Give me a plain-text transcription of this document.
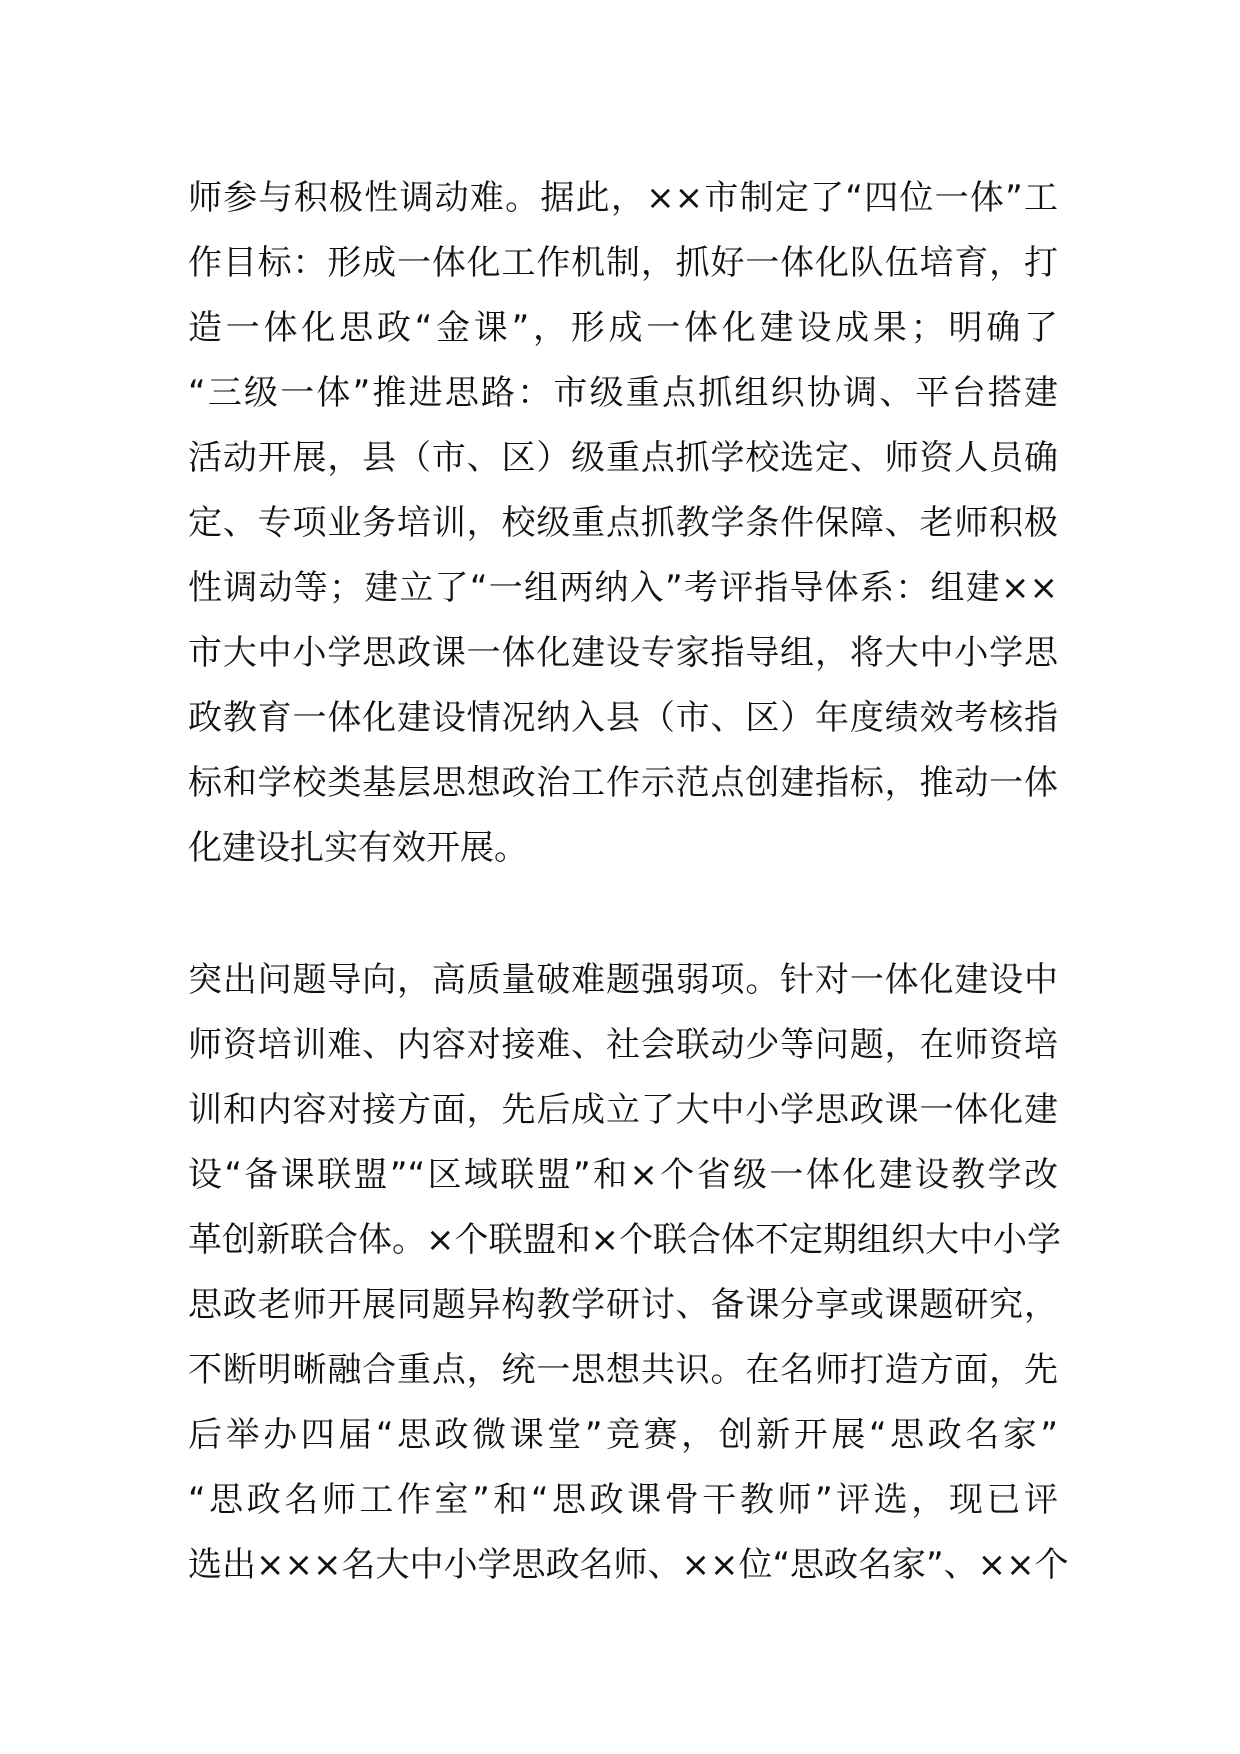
师参与积极性调动难。据此，××市制定了“四位一体”工
作目标：形成一体化工作机制，抓好一体化队伍培育，打
造一体化思政“金课”，形成一体化建设成果；明确了
“三级一体”推进思路：市级重点抓组织协调、平台搭建
活动开展，县（市、区）级重点抓学校选定、师资人员确
定、专项业务培训，校级重点抓教学条件保障、老师积极
性调动等；建立了“一组两纳入”考评指导体系：组建××
市大中小学思政课一体化建设专家指导组，将大中小学思
政教育一体化建设情况纳入县（市、区）年度绩效考核指
标和学校类基层思想政治工作示范点创建指标，推动一体
化建设扎实有效开展。

突出问题导向，高质量破难题强弱项。针对一体化建设中
师资培训难、内容对接难、社会联动少等问题，在师资培
训和内容对接方面，先后成立了大中小学思政课一体化建
设“备课联盟”“区域联盟”和×个省级一体化建设教学改
革创新联合体。×个联盟和×个联合体不定期组织大中小学
思政老师开展同题异构教学研讨、备课分享或课题研究，
不断明晰融合重点，统一思想共识。在名师打造方面，先
后举办四届“思政微课堂”竞赛，创新开展“思政名家”
“思政名师工作室”和“思政课骨干教师”评选，现已评
选出×××名大中小学思政名师、××位“思政名家”、××个
